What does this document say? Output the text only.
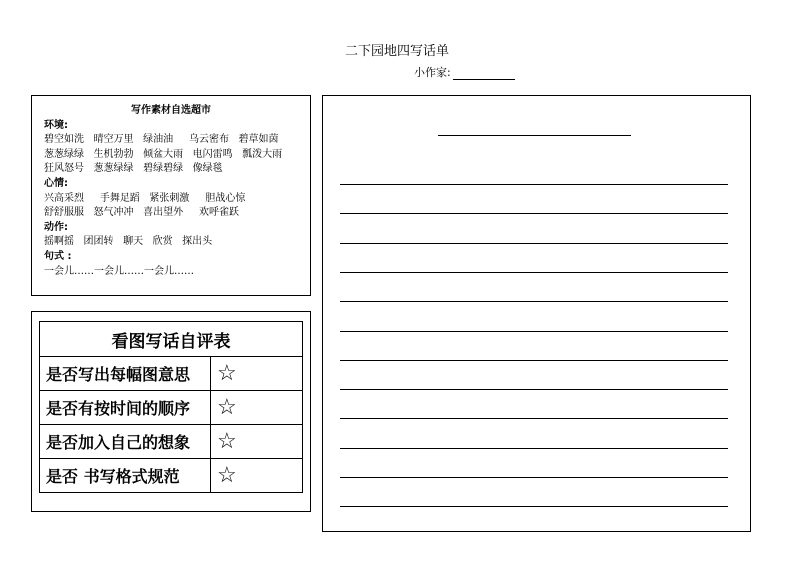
二下园地四写话单
小作家:
写作素材自选超市
环境:
碧空如洗   晴空万里   绿油油     乌云密布   碧草如茵
葱葱绿绿   生机勃勃   倾盆大雨   电闪雷鸣   瓢泼大雨
狂风怒号   葱葱绿绿   碧绿碧绿   像绿毯
心情:
兴高采烈     手舞足蹈   紧张刺激     胆战心惊
舒舒服服   怒气冲冲   喜出望外     欢呼雀跃
动作:
摇啊摇   团团转   聊天   欣赏   探出头
句式 :
一会儿……一会儿……一会儿……
看图写话自评表	
是否写出每幅图意思	☆
是否有按时间的顺序	☆
是否加入自己的想象	☆
是否 书写格式规范	☆
